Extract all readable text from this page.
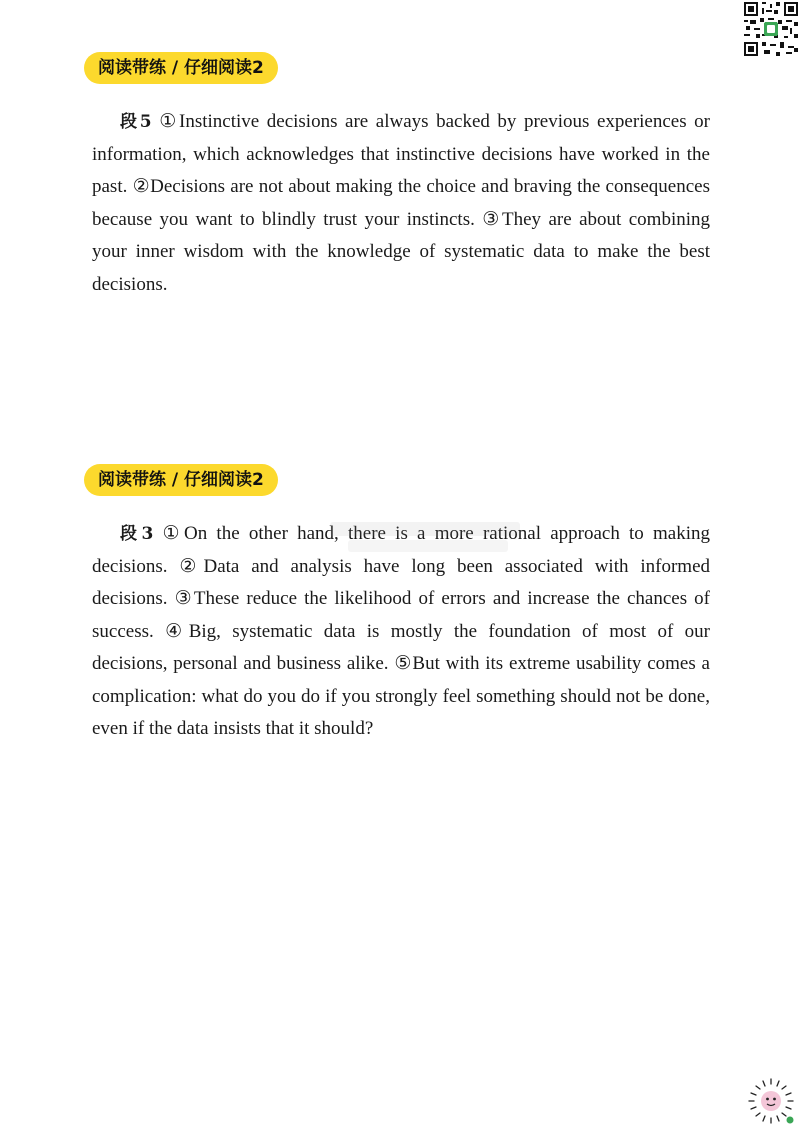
阅读带练 / 仔细阅读2

段5 ①Instinctive decisions are always backed by previous experiences or information, which acknowledges that instinctive decisions have worked in the past. ②Decisions are not about making the choice and braving the consequences because you want to blindly trust your instincts. ③They are about combining your inner wisdom with the knowledge of systematic data to make the best decisions.

阅读带练 / 仔细阅读2

段3 ①On the other hand, there is a more rational approach to making decisions. ②Data and analysis have long been associated with informed decisions. ③These reduce the likelihood of errors and increase the chances of success. ④Big, systematic data is mostly the foundation of most of our decisions, personal and business alike. ⑤But with its extreme usability comes a complication: what do you do if you strongly feel something should not be done, even if the data insists that it should?
